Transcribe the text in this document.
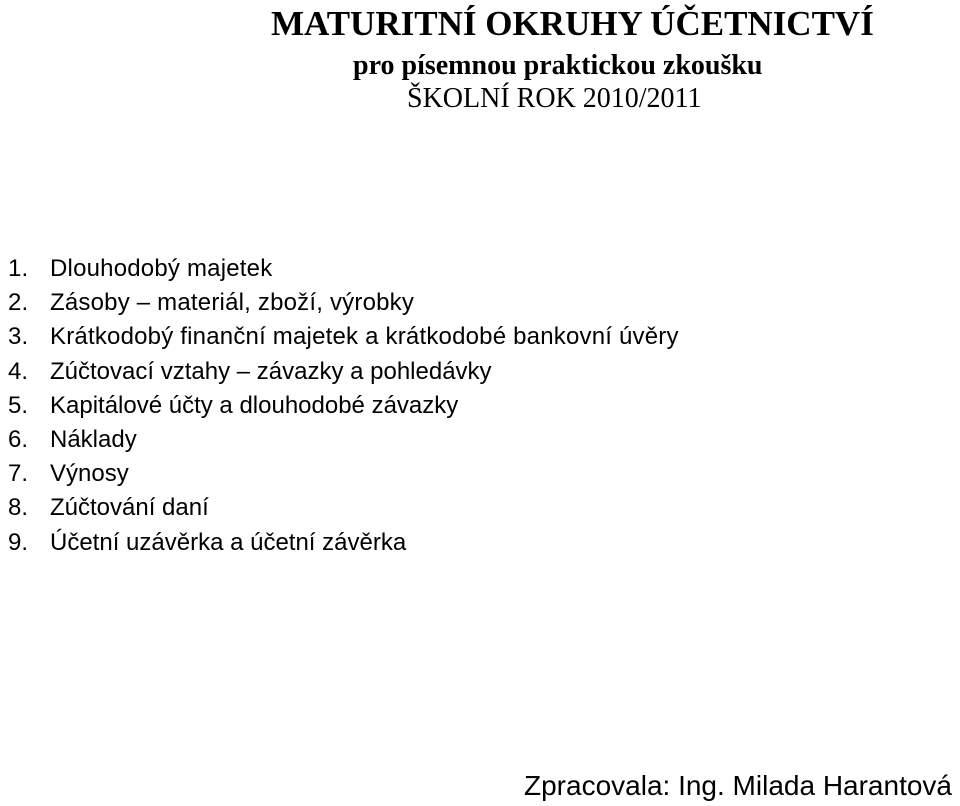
MATURITNÍ OKRUHY ÚČETNICTVÍ
pro písemnou praktickou zkoušku
ŠKOLNÍ ROK 2010/2011
1. Dlouhodobý majetek
2. Zásoby – materiál, zboží, výrobky
3. Krátkodobý finanční majetek a krátkodobé bankovní úvěry
4. Zúčtovací vztahy – závazky a pohledávky
5. Kapitálové účty a dlouhodobé závazky
6. Náklady
7. Výnosy
8. Zúčtování daní
9. Účetní uzávěrka a účetní závěrka
Zpracovala: Ing. Milada Harantová
